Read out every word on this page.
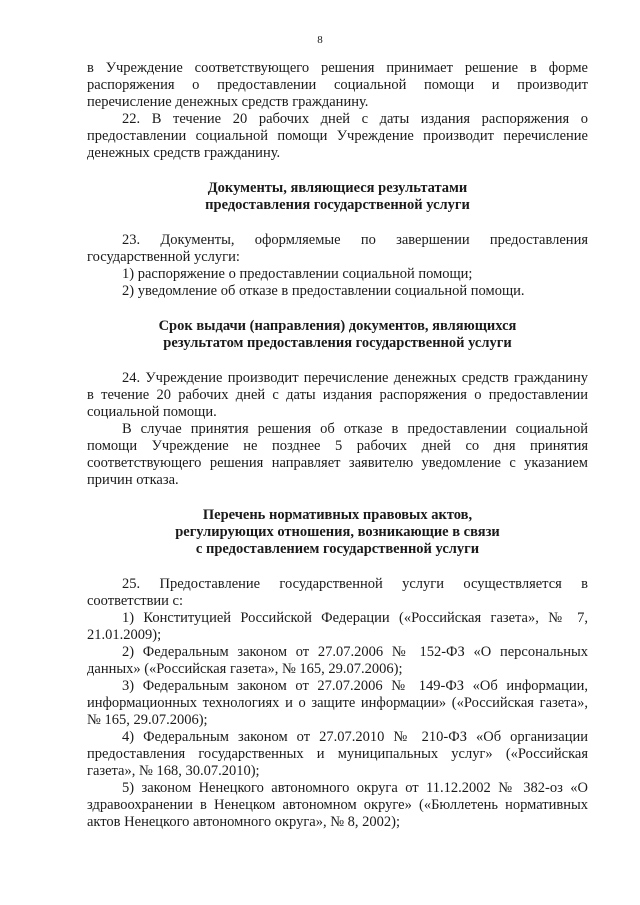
8

в Учреждение соответствующего решения принимает решение в форме распоряжения о предоставлении социальной помощи и производит перечисление денежных средств гражданину.

22. В течение 20 рабочих дней с даты издания распоряжения о предоставлении социальной помощи Учреждение производит перечисление денежных средств гражданину.

Документы, являющиеся результатами предоставления государственной услуги

23. Документы, оформляемые по завершении предоставления государственной услуги:

1) распоряжение о предоставлении социальной помощи;

2) уведомление об отказе в предоставлении социальной помощи.

Срок выдачи (направления) документов, являющихся результатом предоставления государственной услуги

24. Учреждение производит перечисление денежных средств гражданину в течение 20 рабочих дней с даты издания распоряжения о предоставлении социальной помощи.

В случае принятия решения об отказе в предоставлении социальной помощи Учреждение не позднее 5 рабочих дней со дня принятия соответствующего решения направляет заявителю уведомление с указанием причин отказа.

Перечень нормативных правовых актов, регулирующих отношения, возникающие в связи с предоставлением государственной услуги

25. Предоставление государственной услуги осуществляется в соответствии с:

1) Конституцией Российской Федерации («Российская газета», № 7, 21.01.2009);

2) Федеральным законом от 27.07.2006 № 152-ФЗ «О персональных данных» («Российская газета», № 165, 29.07.2006);

3) Федеральным законом от 27.07.2006 № 149-ФЗ «Об информации, информационных технологиях и о защите информации» («Российская газета», № 165, 29.07.2006);

4) Федеральным законом от 27.07.2010 № 210-ФЗ «Об организации предоставления государственных и муниципальных услуг» («Российская газета», № 168, 30.07.2010);

5) законом Ненецкого автономного округа от 11.12.2002 № 382-оз «О здравоохранении в Ненецком автономном округе» («Бюллетень нормативных актов Ненецкого автономного округа», № 8, 2002);
